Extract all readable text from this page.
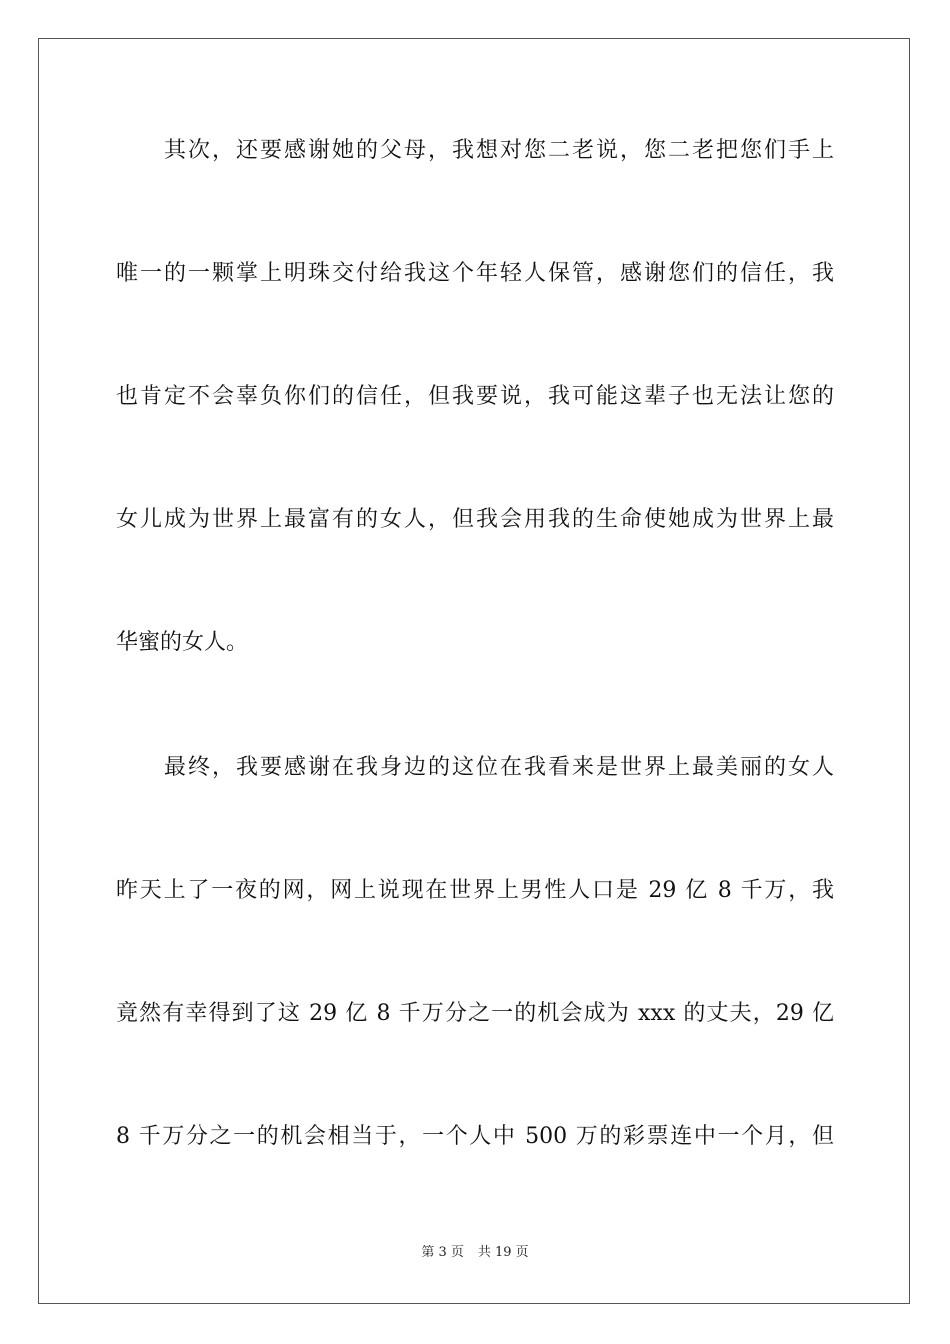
其次，还要感谢她的父母，我想对您二老说，您二老把您们手上
唯一的一颗掌上明珠交付给我这个年轻人保管，感谢您们的信任，我
也肯定不会辜负你们的信任，但我要说，我可能这辈子也无法让您的
女儿成为世界上最富有的女人，但我会用我的生命使她成为世界上最
华蜜的女人。
最终，我要感谢在我身边的这位在我看来是世界上最美丽的女人
昨天上了一夜的网，网上说现在世界上男性人口是 29 亿 8 千万，我
竟然有幸得到了这 29 亿 8 千万分之一的机会成为 xxx 的丈夫，29 亿
8 千万分之一的机会相当于，一个人中 500 万的彩票连中一个月，但
第 3 页 共 19 页
